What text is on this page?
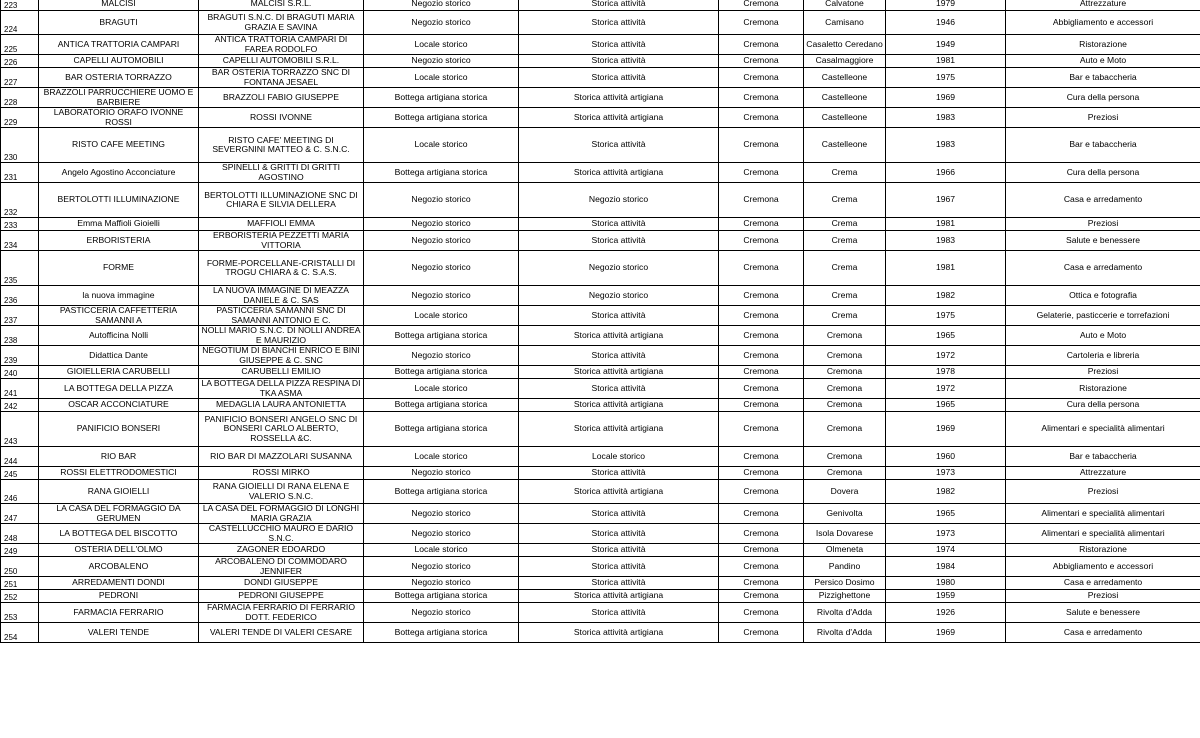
223	MALCISI	MALCISI S.R.L.	Negozio storico	Storica attività	Cremona	Calvatone	1979	Attrezzature
224	BRAGUTI	BRAGUTI S.N.C. DI BRAGUTI MARIA GRAZIA E SAVINA	Negozio storico	Storica attività	Cremona	Camisano	1946	Abbigliamento e accessori
225	ANTICA TRATTORIA CAMPARI	ANTICA TRATTORIA CAMPARI DI FAREA RODOLFO	Locale storico	Storica attività	Cremona	Casaletto Ceredano	1949	Ristorazione
226	CAPELLI AUTOMOBILI	CAPELLI AUTOMOBILI S.R.L.	Negozio storico	Storica attività	Cremona	Casalmaggiore	1981	Auto e Moto
227	BAR OSTERIA TORRAZZO	BAR OSTERIA TORRAZZO SNC DI FONTANA JESAEL	Locale storico	Storica attività	Cremona	Castelleone	1975	Bar e tabaccheria
228	BRAZZOLI PARRUCCHIERE UOMO E BARBIERE	BRAZZOLI FABIO GIUSEPPE	Bottega artigiana storica	Storica attività artigiana	Cremona	Castelleone	1969	Cura della persona
229	LABORATORIO ORAFO IVONNE ROSSI	ROSSI IVONNE	Bottega artigiana storica	Storica attività artigiana	Cremona	Castelleone	1983	Preziosi
230	RISTO CAFE MEETING	RISTO CAFE' MEETING DI SEVERGNINI MATTEO & C. S.N.C.	Locale storico	Storica attività	Cremona	Castelleone	1983	Bar e tabaccheria
231	Angelo Agostino Acconciature	SPINELLI & GRITTI DI GRITTI AGOSTINO	Bottega artigiana storica	Storica attività artigiana	Cremona	Crema	1966	Cura della persona
232	BERTOLOTTI ILLUMINAZIONE	BERTOLOTTI ILLUMINAZIONE SNC DI CHIARA E SILVIA DELLERA	Negozio storico	Negozio storico	Cremona	Crema	1967	Casa e arredamento
233	Emma Maffioli Gioielli	MAFFIOLI EMMA	Negozio storico	Storica attività	Cremona	Crema	1981	Preziosi
234	ERBORISTERIA	ERBORISTERIA PEZZETTI MARIA VITTORIA	Negozio storico	Storica attività	Cremona	Crema	1983	Salute e benessere
235	FORME	FORME-PORCELLANE-CRISTALLI DI TROGU CHIARA & C. S.A.S.	Negozio storico	Negozio storico	Cremona	Crema	1981	Casa e arredamento
236	la nuova immagine	LA NUOVA IMMAGINE DI MEAZZA DANIELE & C. SAS	Negozio storico	Negozio storico	Cremona	Crema	1982	Ottica e fotografia
237	PASTICCERIA CAFFETTERIA SAMANNI A	PASTICCERIA SAMANNI SNC DI SAMANNI ANTONIO E C.	Locale storico	Storica attività	Cremona	Crema	1975	Gelaterie, pasticcerie e torrefazioni
238	Autofficina Nolli	NOLLI MARIO S.N.C. DI NOLLI ANDREA E MAURIZIO	Bottega artigiana storica	Storica attività artigiana	Cremona	Cremona	1965	Auto e Moto
239	Didattica Dante	NEGOTIUM DI BIANCHI ENRICO E BINI GIUSEPPE & C. SNC	Negozio storico	Storica attività	Cremona	Cremona	1972	Cartoleria e libreria
240	GIOIELLERIA CARUBELLI	CARUBELLI EMILIO	Bottega artigiana storica	Storica attività artigiana	Cremona	Cremona	1978	Preziosi
241	LA BOTTEGA DELLA PIZZA	LA BOTTEGA DELLA PIZZA RESPINA DI TKA ASMA	Locale storico	Storica attività	Cremona	Cremona	1972	Ristorazione
242	OSCAR ACCONCIATURE	MEDAGLIA LAURA ANTONIETTA	Bottega artigiana storica	Storica attività artigiana	Cremona	Cremona	1965	Cura della persona
243	PANIFICIO BONSERI	PANIFICIO BONSERI ANGELO SNC DI BONSERI CARLO ALBERTO, ROSSELLA &C.	Bottega artigiana storica	Storica attività artigiana	Cremona	Cremona	1969	Alimentari e specialità alimentari
244	RIO BAR	RIO BAR DI MAZZOLARI SUSANNA	Locale storico	Locale storico	Cremona	Cremona	1960	Bar e tabaccheria
245	ROSSI ELETTRODOMESTICI	ROSSI MIRKO	Negozio storico	Storica attività	Cremona	Cremona	1973	Attrezzature
246	RANA GIOIELLI	RANA GIOIELLI DI RANA ELENA E VALERIO S.N.C.	Bottega artigiana storica	Storica attività artigiana	Cremona	Dovera	1982	Preziosi
247	LA CASA DEL FORMAGGIO DA GERUMEN	LA CASA DEL FORMAGGIO DI LONGHI MARIA GRAZIA	Negozio storico	Storica attività	Cremona	Genivolta	1965	Alimentari e specialità alimentari
248	LA BOTTEGA DEL BISCOTTO	CASTELLUCCHIO MAURO E DARIO S.N.C.	Negozio storico	Storica attività	Cremona	Isola Dovarese	1973	Alimentari e specialità alimentari
249	OSTERIA DELL'OLMO	ZAGONER EDOARDO	Locale storico	Storica attività	Cremona	Olmeneta	1974	Ristorazione
250	ARCOBALENO	ARCOBALENO DI COMMODARO JENNIFER	Negozio storico	Storica attività	Cremona	Pandino	1984	Abbigliamento e accessori
251	ARREDAMENTI DONDI	DONDI GIUSEPPE	Negozio storico	Storica attività	Cremona	Persico Dosimo	1980	Casa e arredamento
252	PEDRONI	PEDRONI GIUSEPPE	Bottega artigiana storica	Storica attività artigiana	Cremona	Pizzighettone	1959	Preziosi
253	FARMACIA FERRARIO	FARMACIA FERRARIO DI FERRARIO DOTT. FEDERICO	Negozio storico	Storica attività	Cremona	Rivolta d'Adda	1926	Salute e benessere
254	VALERI TENDE	VALERI TENDE DI VALERI CESARE	Bottega artigiana storica	Storica attività artigiana	Cremona	Rivolta d'Adda	1969	Casa e arredamento
